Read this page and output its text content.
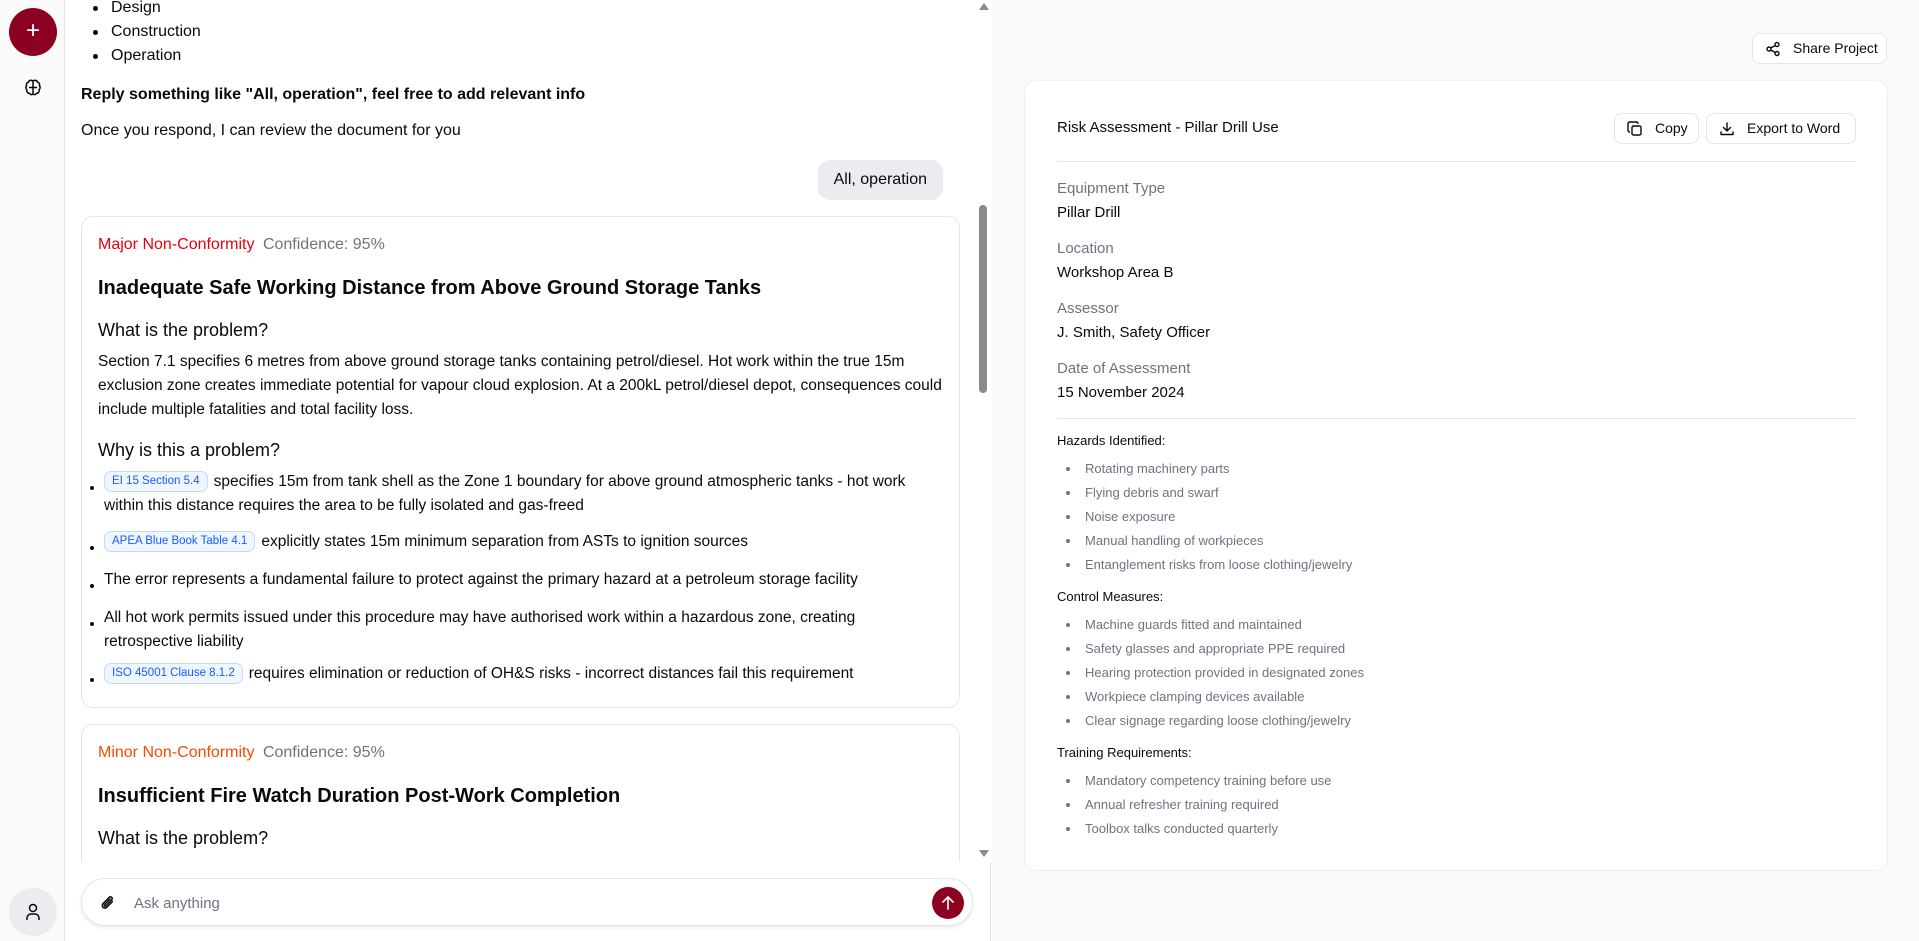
+
Design
Construction
Operation
Reply something like "All, operation", feel free to add relevant info
Once you respond, I can review the document for you
All, operation
Major Non-Conformity Confidence: 95%
Inadequate Safe Working Distance from Above Ground Storage Tanks
What is the problem?
Section 7.1 specifies 6 metres from above ground storage tanks containing petrol/diesel. Hot work within the true 15m exclusion zone creates immediate potential for vapour cloud explosion. At a 200kL petrol/diesel depot, consequences could include multiple fatalities and total facility loss.
Why is this a problem?
EI 15 Section 5.4 specifies 15m from tank shell as the Zone 1 boundary for above ground atmospheric tanks - hot work within this distance requires the area to be fully isolated and gas-freed
APEA Blue Book Table 4.1 explicitly states 15m minimum separation from ASTs to ignition sources
The error represents a fundamental failure to protect against the primary hazard at a petroleum storage facility
All hot work permits issued under this procedure may have authorised work within a hazardous zone, creating retrospective liability
ISO 45001 Clause 8.1.2 requires elimination or reduction of OH&S risks - incorrect distances fail this requirement
Minor Non-Conformity Confidence: 95%
Insufficient Fire Watch Duration Post-Work Completion
What is the problem?
Ask anything
Share Project
Risk Assessment - Pillar Drill Use	Copy	Export to Word
Equipment Type
Pillar Drill
Location
Workshop Area B
Assessor
J. Smith, Safety Officer
Date of Assessment
15 November 2024
Hazards Identified:
Rotating machinery parts
Flying debris and swarf
Noise exposure
Manual handling of workpieces
Entanglement risks from loose clothing/jewelry
Control Measures:
Machine guards fitted and maintained
Safety glasses and appropriate PPE required
Hearing protection provided in designated zones
Workpiece clamping devices available
Clear signage regarding loose clothing/jewelry
Training Requirements:
Mandatory competency training before use
Annual refresher training required
Toolbox talks conducted quarterly
